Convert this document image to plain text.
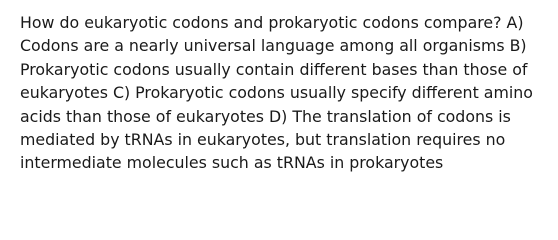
How do eukaryotic codons and prokaryotic codons compare? A)
Codons are a nearly universal language among all organisms B)
Prokaryotic codons usually contain different bases than those of
eukaryotes C) Prokaryotic codons usually specify different amino
acids than those of eukaryotes D) The translation of codons is
mediated by tRNAs in eukaryotes, but translation requires no
intermediate molecules such as tRNAs in prokaryotes
